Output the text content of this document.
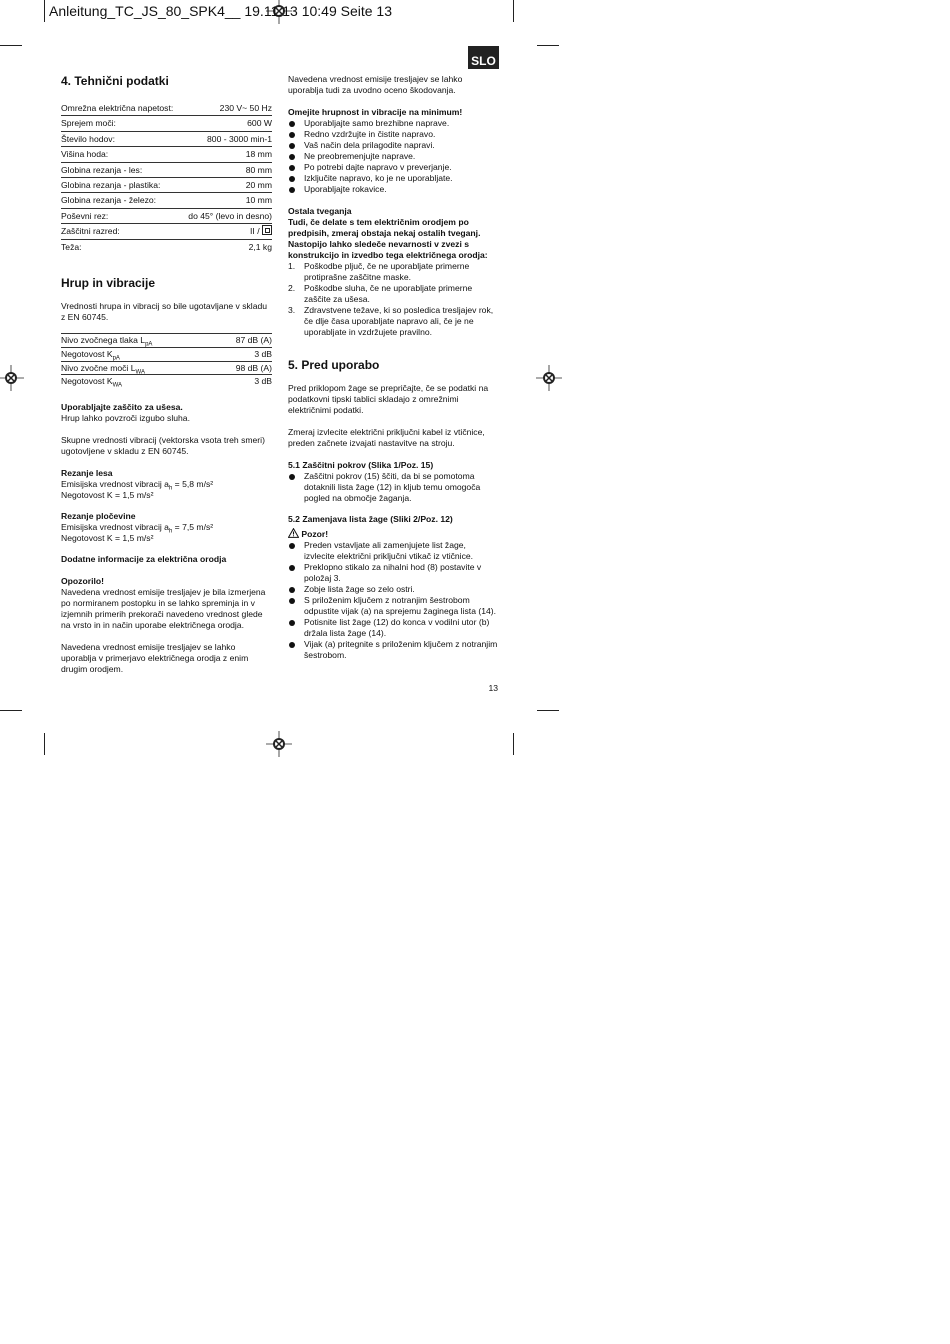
Anleitung_TC_JS_80_SPK4__ 19.11.13 10:49 Seite 13
SLO
4. Tehnični podatki
Omrežna električna napetost:	230 V~ 50 Hz
Sprejem moči:	600 W
Število hodov:	800 - 3000 min-1
Višina hoda:	18 mm
Globina rezanja - les:	80 mm
Globina rezanja - plastika:	20 mm
Globina rezanja - železo:	10 mm
Poševni rez:	do 45° (levo in desno)
Zaščitni razred:	II /
Teža:	2,1 kg
Hrup in vibracije

Vrednosti hrupa in vibracij so bile ugotavljane v skladu z EN 60745.

Nivo zvočnega tlaka $L_{pA}$	87 dB (A)
Negotovost $K_{pA}$	3 dB
Nivo zvočne moči $L_{WA}$	98 dB (A)
Negotovost $K_{WA}$	3 dB

Uporabljajte zaščito za ušesa.

Hrup lahko povzroči izgubo sluha.

Skupne vrednosti vibracij (vektorska vsota treh smeri) ugotovljene v skladu z EN 60745.

Rezanje lesa

Emisijska vrednost vibracij $a_h = 5,8$ m/s²

Negotovost K = 1,5 m/s²

Rezanje pločevine

Emisijska vrednost vibracij $a_h = 7,5$ m/s²

Negotovost K = 1,5 m/s²

Dodatne informacije za električna orodja

Opozorilo!

Navedena vrednost emisije tresljajev je bila izmerjena po normiranem postopku in se lahko spreminja in v izjemnih primerih prekorači navedeno vrednost glede na vrsto in in način uporabe električnega orodja.

Navedena vrednost emisije tresljajev se lahko uporablja v primerjavo električnega orodja z enim drugim orodjem.

Navedena vrednost emisije tresljajev se lahko uporablja tudi za uvodno oceno škodovanja.

Omejite hrupnost in vibracije na minimum!

Uporabljajte samo brezhibne naprave.
Redno vzdržujte in čistite napravo.
Vaš način dela prilagodite napravi.
Ne preobremenjujte naprave.
Po potrebi dajte napravo v preverjanje.
Izključite napravo, ko je ne uporabljate.
Uporabljajte rokavice.

Ostala tveganja

Tudi, če delate s tem električnim orodjem po predpisih, zmeraj obstaja nekaj ostalih tveganj. Nastopijo lahko sledeče nevarnosti v zvezi s konstrukcijo in izvedbo tega električnega orodja:

1. Poškodbe pljuč, če ne uporabljate primerne protiprašne zaščitne maske.
2. Poškodbe sluha, če ne uporabljate primerne zaščite za ušesa.
3. Zdravstvene težave, ki so posledica tresljajev rok, če dlje časa uporabljate napravo ali, če je ne uporabljate in vzdržujete pravilno.
5. Pred uporabo

Pred priklopom žage se prepričajte, če se podatki na podatkovni tipski tablici skladajo z omrežnimi električnimi podatki.

Zmeraj izvlecite električni priključni kabel iz vtičnice, preden začnete izvajati nastavitve na stroju.

5.1 Zaščitni pokrov (Slika 1/Poz. 15)

Zaščitni pokrov (15) ščiti, da bi se pomotoma dotaknili lista žage (12) in kljub temu omogoča pogled na območje žaganja.

5.2 Zamenjava lista žage (Sliki 2/Poz. 12)

Pozor!

Preden vstavljate ali zamenjujete list žage, izvlecite električni priključni vtikač iz vtičnice.
Preklopno stikalo za nihalni hod (8) postavite v položaj 3.
Zobje lista žage so zelo ostri.
S priloženim ključem z notranjim šestrobom odpustite vijak (a) na sprejemu žaginega lista (14).
Potisnite list žage (12) do konca v vodilni utor (b) držala lista žage (14).
Vijak (a) pritegnite s priloženim ključem z notranjim šestrobom.
13
